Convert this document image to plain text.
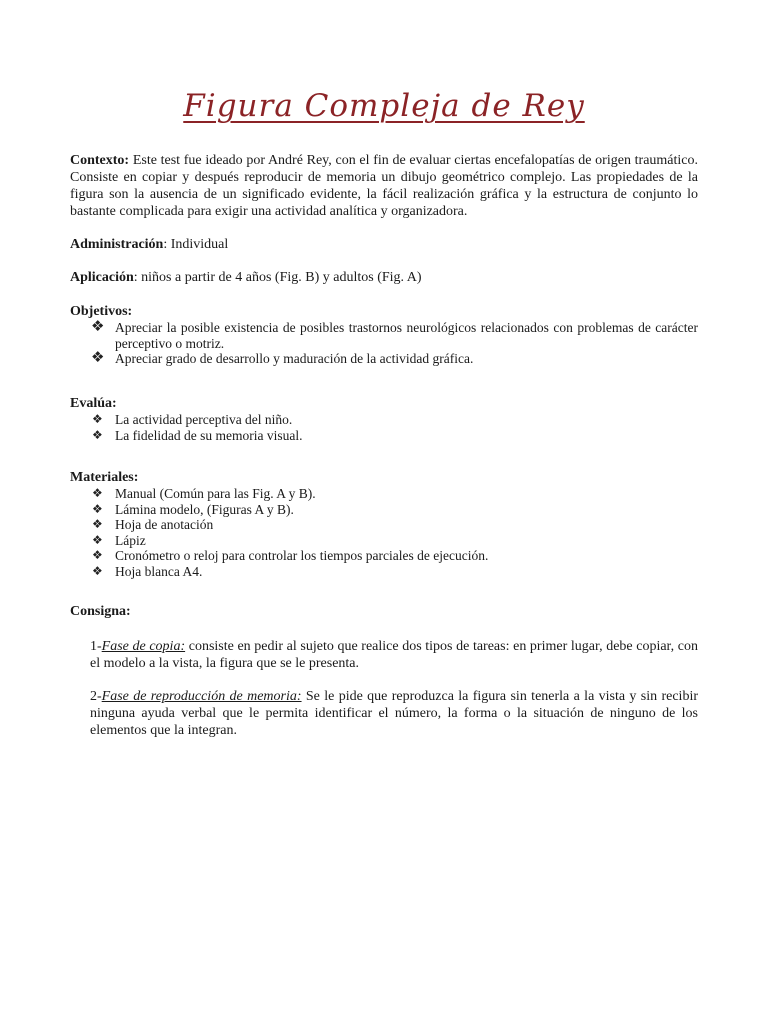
Figura Compleja de Rey
Contexto: Este test fue ideado por André Rey, con el fin de evaluar ciertas encefalopatías de origen traumático. Consiste en copiar y después reproducir de memoria un dibujo geométrico complejo. Las propiedades de la figura son la ausencia de un significado evidente, la fácil realización gráfica y la estructura de conjunto lo bastante complicada para exigir una actividad analítica y organizadora.
Administración: Individual
Aplicación: niños a partir de 4 años (Fig. B) y adultos (Fig. A)
Objetivos:
❖ Apreciar la posible existencia de posibles trastornos neurológicos relacionados con problemas de carácter perceptivo o motriz.
❖ Apreciar grado de desarrollo y maduración de la actividad gráfica.
Evalúa:
❖ La actividad perceptiva del niño.
❖ La fidelidad de su memoria visual.
Materiales:
❖ Manual (Común para las Fig. A y B).
❖ Lámina modelo, (Figuras A y B).
❖ Hoja de anotación
❖ Lápiz
❖ Cronómetro o reloj para controlar los tiempos parciales de ejecución.
❖ Hoja blanca A4.
Consigna:
1-Fase de copia: consiste en pedir al sujeto que realice dos tipos de tareas: en primer lugar, debe copiar, con el modelo a la vista, la figura que se le presenta.
2-Fase de reproducción de memoria: Se le pide que reproduzca la figura sin tenerla a la vista y sin recibir ninguna ayuda verbal que le permita identificar el número, la forma o la situación de ninguno de los elementos que la integran.
